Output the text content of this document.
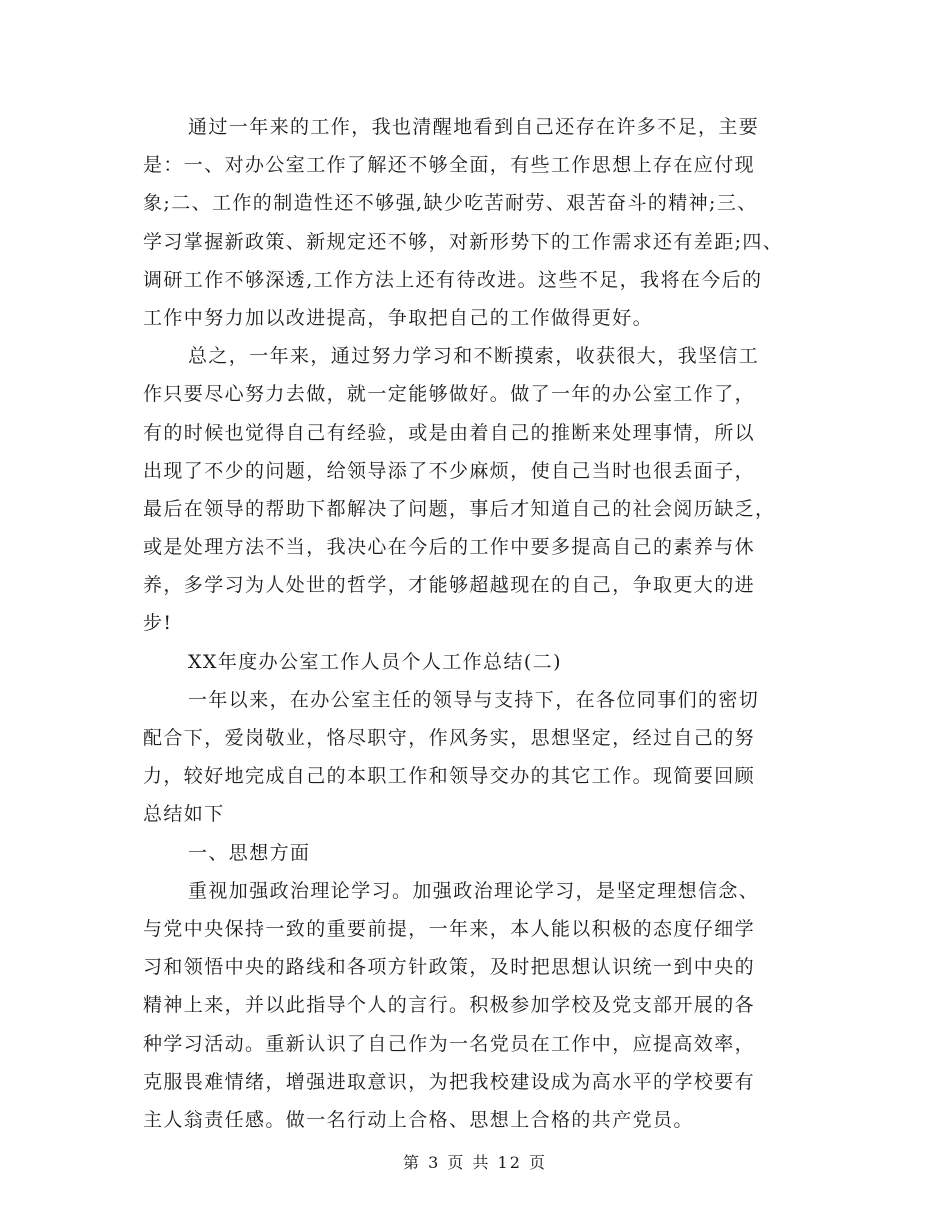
通过一年来的工作，我也清醒地看到自己还存在许多不足，主要
是：一、对办公室工作了解还不够全面，有些工作思想上存在应付现
象;二、工作的制造性还不够强,缺少吃苦耐劳、艰苦奋斗的精神;三、
学习掌握新政策、新规定还不够，对新形势下的工作需求还有差距;四、
调研工作不够深透,工作方法上还有待改进。这些不足，我将在今后的
工作中努力加以改进提高，争取把自己的工作做得更好。
总之，一年来，通过努力学习和不断摸索，收获很大，我坚信工
作只要尽心努力去做，就一定能够做好。做了一年的办公室工作了，
有的时候也觉得自己有经验，或是由着自己的推断来处理事情，所以
出现了不少的问题，给领导添了不少麻烦，使自己当时也很丢面子，
最后在领导的帮助下都解决了问题，事后才知道自己的社会阅历缺乏，
或是处理方法不当，我决心在今后的工作中要多提高自己的素养与休
养，多学习为人处世的哲学，才能够超越现在的自己，争取更大的进
步!
XX年度办公室工作人员个人工作总结(二)
一年以来，在办公室主任的领导与支持下，在各位同事们的密切
配合下，爱岗敬业，恪尽职守，作风务实，思想坚定，经过自己的努
力，较好地完成自己的本职工作和领导交办的其它工作。现简要回顾
总结如下
一、思想方面
重视加强政治理论学习。加强政治理论学习，是坚定理想信念、
与党中央保持一致的重要前提，一年来，本人能以积极的态度仔细学
习和领悟中央的路线和各项方针政策，及时把思想认识统一到中央的
精神上来，并以此指导个人的言行。积极参加学校及党支部开展的各
种学习活动。重新认识了自己作为一名党员在工作中，应提高效率，
克服畏难情绪，增强进取意识，为把我校建设成为高水平的学校要有
主人翁责任感。做一名行动上合格、思想上合格的共产党员。
第 3 页 共 12 页
